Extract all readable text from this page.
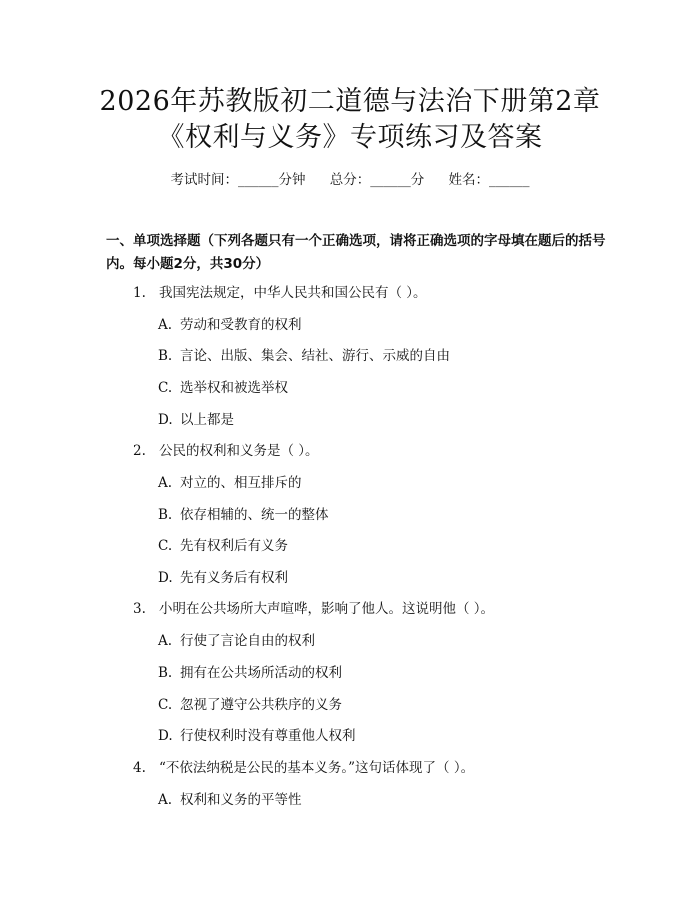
2026年苏教版初二道德与法治下册第2章
《权利与义务》专项练习及答案
考试时间：______分钟 总分：______分 姓名：______
一、单项选择题（下列各题只有一个正确选项，请将正确选项的字母填在题后的括号内。每小题2分，共30分）
1. 我国宪法规定，中华人民共和国公民有（ ）。
A. 劳动和受教育的权利
B. 言论、出版、集会、结社、游行、示威的自由
C. 选举权和被选举权
D. 以上都是
2. 公民的权利和义务是（ ）。
A. 对立的、相互排斥的
B. 依存相辅的、统一的整体
C. 先有权利后有义务
D. 先有义务后有权利
3. 小明在公共场所大声喧哗，影响了他人。这说明他（ ）。
A. 行使了言论自由的权利
B. 拥有在公共场所活动的权利
C. 忽视了遵守公共秩序的义务
D. 行使权利时没有尊重他人权利
4. “不依法纳税是公民的基本义务。”这句话体现了（ ）。
A. 权利和义务的平等性
